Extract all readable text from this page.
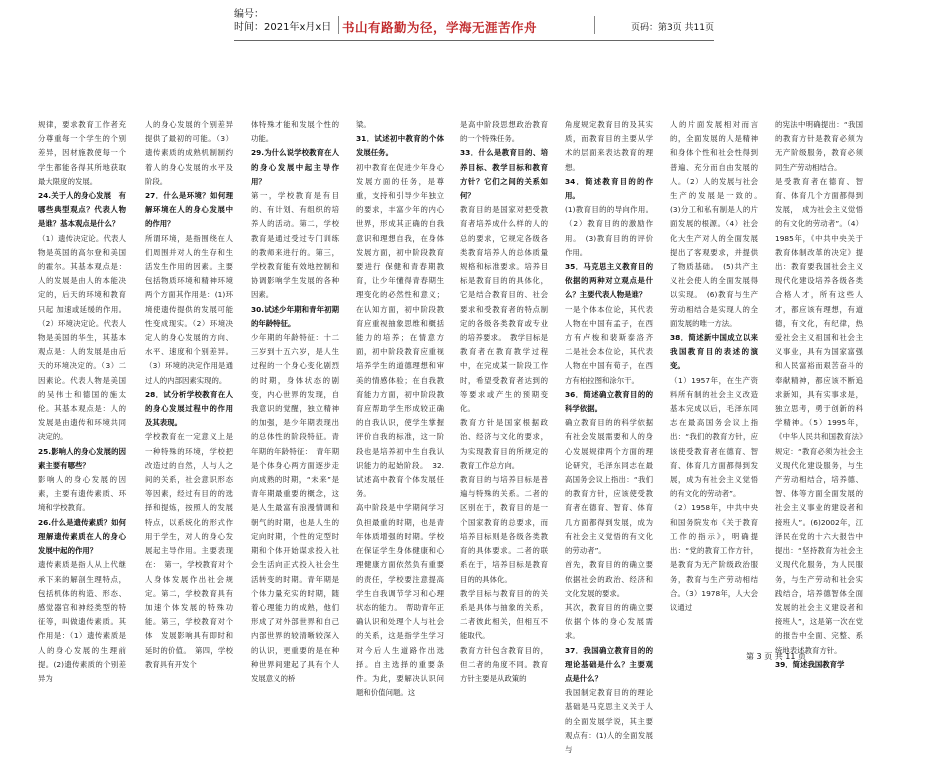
编号：
时间：2021年x月x日 书山有路勤为径，学海无涯苦作舟	页码：第3页 共11页

规律，要求教育工作者充分尊重每一个学生的个别差异，因材施教使每一个学生都能各得其所地获取最大限度的发展。

24.关于人的身心发展　有哪些典型观点？代表人物是谁？基本观点是什么？

（1）遗传决定论。代表人物是英国的高尔登和美国的霍尔。其基本观点是：人的发展是由人的本能决定的，后天的环境和教育只起 加速或延缓的作用。（2）环境决定论。代表人物是美国的华生，其基本观点是：人的发展是由后天的环境决定的。（3）二因素论。代表人物是美国的吴伟士和德国的施太伦。其基本观点是：人的发展是由遗传和环境共同决定的。

25.影响人的身心发展的因素主要有哪些？

影响人的身心发展的因素，主要有遗传素质、环境和学校教育。

26.什么是遗传素质？如何理解遗传素质在人的身心发展中起的作用？

遗传素质是指人从上代继承下来的解剖生理特点，包括机体的构造、形态、感觉器官和神经类型的特征等，叫做遗传素质。其作用是：（1）遗传素质是人的身心发展的生理前提。(2)遗传素质的个别差异为

人的身心发展的个别差异提供了最初的可能。（3）遗传素质的成熟机制制约着人的身心发展的水平及阶段。

27．什么是环境？如何理解环境在人的身心发展中的作用？

所谓环境，是指围绕在人们周围并对人的生存和生活发生作用的因素。主要包括物质环境和精神环境两个方面其作用是：(1)环境使遗传提供的发展可能性变成现实。（2）环境决定人的身心发展的方向、水平、速度和个别差异。（3）环境的决定作用是通过人的内部因素实现的。

28．试分析学校教育在人的身心发展过程中的作用及其表现。

学校教育在一定意义上是一种特殊的环境，学校把改造过的自然，人与人之间的关系，社会意识形态等因素，经过有目的的选择和提炼，按照人的发展特点，以系统化的形式作用于学生，对人的身心发展起主导作用。主要表现在：　第一，学校教育对个人身体发展作出社会规定。第二，学校教育具有加速个体发展的特殊功能。第三，学校教育对个体　发展影响具有即时和延时的价值。　第四，学校教育具有开发个

体特殊才能和发展个性的功能。

29.为什么说学校教育在人的身心发展中起主导作用？

第一，学校教育是有目的、有计划、有组织的培养人的活动。第二，学校教育是通过受过专门训练的教师来进行的。第三，学校教育能有效地控制和协调影响学生发展的各种因素。

30.试述少年期和青年初期的年龄特征。

少年期的年龄特征：十二三岁到十五六岁，是人生过程的一个身心变化剧烈的时期，身体状态的剧变，内心世界的发现，自我意识的觉醒，独立精神的加强，是少年期表现出的总体性的阶段特征。青年期的年龄特征：　青年期是个体身心两方面逐步走向成熟的时期，“未来”是青年期最重要的概念，这是人生最富有浪漫情调和朝气的时期，也是人生的定向时期，个性的定型时期和个体开始谋求投入社会生活向正式投入社会生活转变的时期。青年期是个体力量充实的时期，随着心理能力的成熟，他们形成了对外部世界和自己内部世界的较清晰较深入的认识，更重要的是在种种世界间建起了具有个人发展意义的桥

梁。

31．试述初中教育的个体发展任务。

初中教育在促进少年身心发展方面的任务，是尊重，支持和引导少年独立的要求，丰富少年的内心世界，形成其正确的自我意识和理想自我，在身体发展方面，初中阶段教育要进行 保健和青春期教育，让少年懂得青春期生理变化的必然性和意义；在认知方面，初中阶段教育应重视抽象思维和概括能力的培养；在情意方面，初中阶段教育应重视培养学生的道德理想和审美的情感体验；在自我教育能力方面，初中阶段教育应帮助学生形成较正确的自我认识，使学生掌握评价自我的标准，这一阶段也是培养初中生自我认识能力的起始阶段。　32.试述高中教育个体发展任务。

高中阶段是中学期间学习负担最重的时期，也是青年体质增强的时期。学校在保证学生身体健康和心理健康方面依然负有重要的责任，学校要注意提高学生自我调节学习和心理状态的能力。　帮助青年正确认识和处理个人与社会的关系，这是指学生学习对今后人生道路作出选择。自主选择的重要条件。为此，要解决认识问题和价值问题。这

是高中阶段思想政治教育的一个特殊任务。

33．什么是教育目的、培养目标、教学目标和教育方针？它们之间的关系如何？

教育目的是国家对把受教育者培养成什么样的人的总的要求，它规定各级各类教育培养人的总体质量规格和标准要求。培养目标是教育目的的具体化，它是结合教育目的、社会要求和受教育者的特点制定的各级各类教育或专业的培养要求。　教学目标是教育者在教育教学过程中，在完成某一阶段工作时，希望受教育者达到的等要求或产生的预期变化。

教育方针是国家根据政治、经济与文化的要求，为实现教育目的所规定的教育工作总方向。

教育目的与培养目标是普遍与特殊的关系。二者的区别在于，教育目的是一个国家教育的总要求，而培养目标则是各级各类教育的具体要求。二者的联系在于，培养目标是教育目的的具体化。

教学目标与教育目的的关系是具体与抽象的关系，二者彼此相关，但相互不能取代。

教育方针包含教育目的，但二者的角度不同。教育方针主要是从政策的

角度规定教育目的及其实质，而教育目的主要从学术的层面来表达教育的理想。

34．简述教育目的的作用。

(1)教育目的的导向作用。（2）教育目的的激励作用。　(3)教育目的的评价作用。

35．马克思主义教育目的依据的两种对立观点是什么？主要代表人物是谁？

一是个体本位论，其代表人物在中国有孟子，在西方有卢梭和裴斯泰洛齐　二是社会本位论，其代表人物在中国有荀子，在西方有柏拉图和涂尔干。

36．简述确立教育目的的科学依据。

确立教育目的的科学依据有社会发展需要和人的身心发展规律两个方面的理论研究，毛泽东同志在最高国务会议上指出：“我们的教育方针，应该使受教育者在德育、智育、体育几方面都得到发展，成为有社会主义觉悟的有文化的劳动者”。

首先，教育目的的确立要依据社会的政治、经济和文化发展的要求。

其次，教育目的的确立要依据个体的身心发展需求。

37．我国确立教育目的的理论基础是什么？主要观点是什么？

我国制定教育目的的理论基础是马克思主义关于人的全面发展学说，其主要观点有：(1)人的全面发展与

人的片面发展相对而言的，全面发展的人是精神和身体个性和社会性得到普遍、充分而自由发展的人。（2）人的发展与社会生产的发展是一致的。　(3)分工和私有制是人的片面发展的根源。（4）社会化大生产对人的全面发展提出了客观要求，并提供了物质基础。　(5)共产主义社会使人的全面发展得以实现。　(6)教育与生产劳动相结合是实现人的全面发展的唯一方法。

38．简述新中国成立以来我国教育目的表述的演变。

（1）1957年，在生产资料所有制的社会主义改造基本完成以后，毛泽东同志在最高国务会议上指出：“我们的教育方针，应该使受教育者在德育、智育、体育几方面都得到发展，成为有社会主义觉悟的有文化的劳动者”。

（2）1958年，中共中央和国务院发布《关于教育工作的指示》，明确提出：“党的教育工作方针，是教育为无产阶级政治服务，教育与生产劳动相结合。（3）1978年，人大会议通过

的宪法中明确提出：“我国的教育方针是教育必须为无产阶级服务，教育必须同生产劳动相结合。

是受教育者在德育、智育、体育几个方面都得到发展，　成为社会主义觉悟的有文化的劳动者”。（4）1985年，《中共中央关于教育体制改革的决定》提出：教育要我国社会主义现代化建设培养各级各类合格人才，所有这些人才，都应该有理想，有道德，有文化，有纪律，热爱社会主义祖国和社会主义事业，具有为国家富强和人民富裕而艰苦奋斗的奉献精神，都应该不断追求新知，具有实事求是，独立思考，勇于创新的科学精神。（5）1995年，《中华人民共和国教育法》规定：“教育必须为社会主义现代化建设服务，与生产劳动相结合，培养德、智、体等方面全面发展的社会主义事业的建设者和接班人”。(6)2002年，江泽民在党的十六大报告中提出：“坚持教育为社会主义现代化服务，为人民服务，与生产劳动和社会实践结合，培养德智体全面发展的社会主义建设者和接班人”，这是第一次在党的报告中全面、完整、系统地表述教育方针。

39．简述我国教育学

第 3 页 共 11 页
